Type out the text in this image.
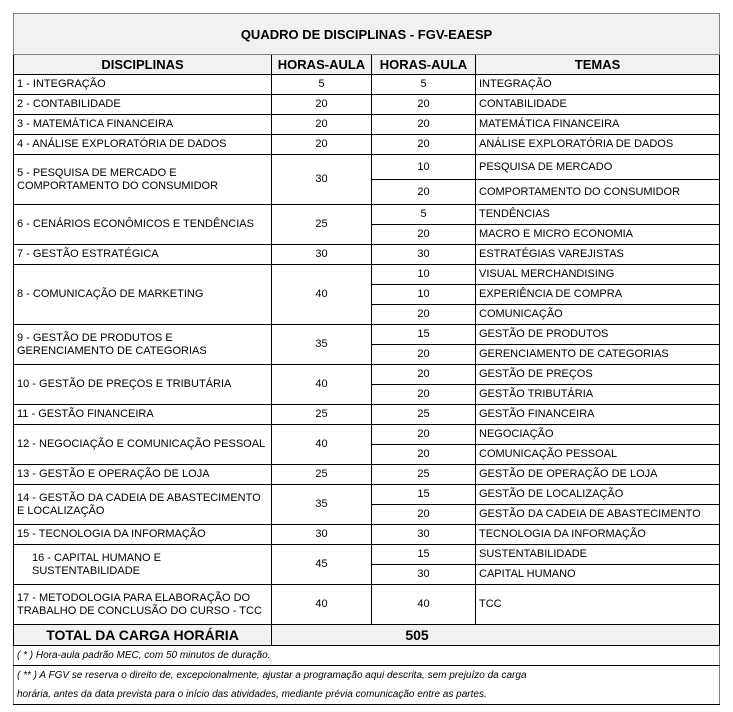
QUADRO DE DISCIPLINAS - FGV-EAESP			
DISCIPLINAS	HORAS-AULA	HORAS-AULA	TEMAS
1 - INTEGRAÇÃO	5	5	INTEGRAÇÃO
2 - CONTABILIDADE	20	20	CONTABILIDADE
3 - MATEMÁTICA FINANCEIRA	20	20	MATEMÁTICA FINANCEIRA
4 - ANÁLISE EXPLORATÓRIA DE DADOS	20	20	ANÁLISE EXPLORATÓRIA DE DADOS
5 - PESQUISA DE MERCADO E COMPORTAMENTO DO CONSUMIDOR	30	10	PESQUISA DE MERCADO
		20	COMPORTAMENTO DO CONSUMIDOR
6 - CENÁRIOS ECONÔMICOS E TENDÊNCIAS	25	5	TENDÊNCIAS
		20	MACRO E MICRO ECONOMIA
7 - GESTÃO ESTRATÉGICA	30	30	ESTRATÉGIAS VAREJISTAS
8 - COMUNICAÇÃO DE MARKETING	40	10	VISUAL MERCHANDISING
		10	EXPERIÊNCIA DE COMPRA
		20	COMUNICAÇÃO
9 - GESTÃO DE PRODUTOS E GERENCIAMENTO DE CATEGORIAS	35	15	GESTÃO DE PRODUTOS
		20	GERENCIAMENTO DE CATEGORIAS
10 - GESTÃO DE PREÇOS E TRIBUTÁRIA	40	20	GESTÃO DE PREÇOS
		20	GESTÃO TRIBUTÁRIA
11 - GESTÃO FINANCEIRA	25	25	GESTÃO FINANCEIRA
12 - NEGOCIAÇÃO E COMUNICAÇÃO PESSOAL	40	20	NEGOCIAÇÃO
		20	COMUNICAÇÃO PESSOAL
13 - GESTÃO E OPERAÇÃO DE LOJA	25	25	GESTÃO DE OPERAÇÃO DE LOJA
14 - GESTÃO DA CADEIA DE ABASTECIMENTO E LOCALIZAÇÃO	35	15	GESTÃO DE LOCALIZAÇÃO
		20	GESTÃO DA CADEIA DE ABASTECIMENTO
15 - TECNOLOGIA DA INFORMAÇÃO	30	30	TECNOLOGIA DA INFORMAÇÃO
16 - CAPITAL HUMANO E SUSTENTABILIDADE	45	15	SUSTENTABILIDADE
		30	CAPITAL HUMANO
17 - METODOLOGIA PARA ELABORAÇÃO DO TRABALHO DE CONCLUSÃO DO CURSO - TCC	40	40	TCC
TOTAL DA CARGA HORÁRIA	505		
( * ) Hora-aula padrão MEC, com 50 minutos de duração.			
( ** ) A FGV se reserva o direito de, excepcionalmente, ajustar a programação aqui descrita, sem prejuízo da carga			
horária, antes da data prevista para o início das atividades, mediante prévia comunicação entre as partes.			
